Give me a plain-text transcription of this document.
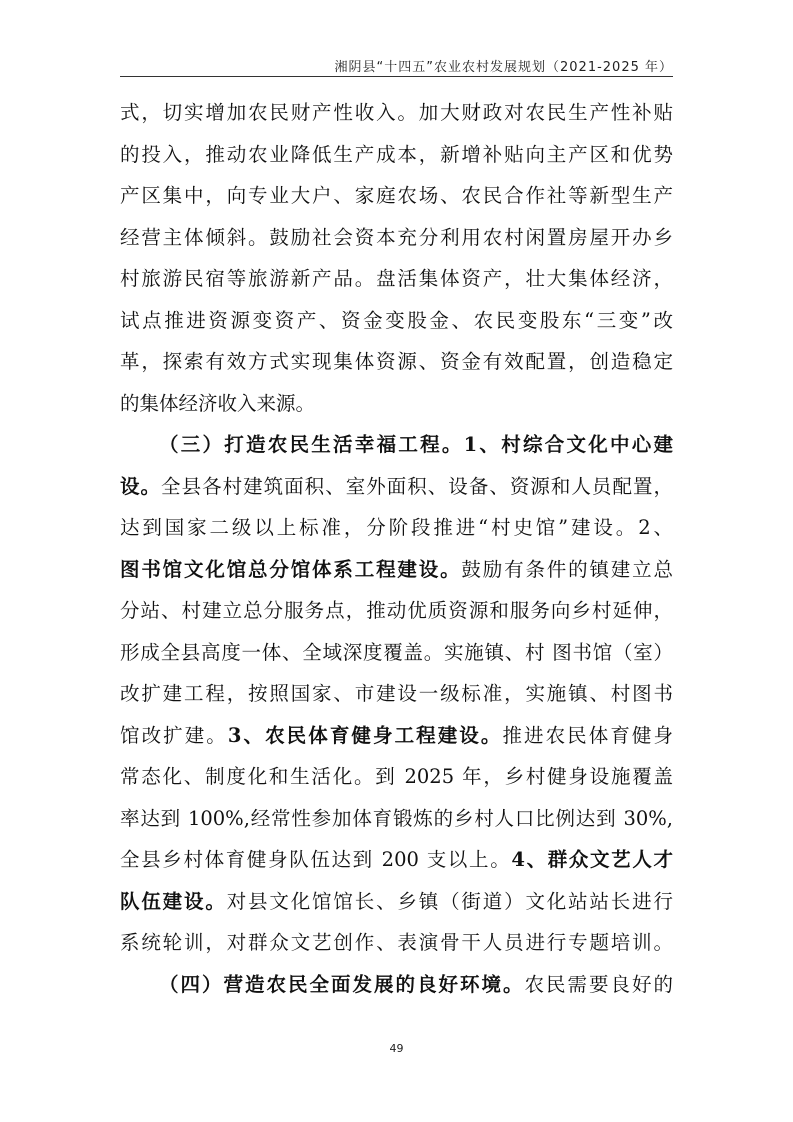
湘阴县“十四五”农业农村发展规划（2021-2025 年）
式，切实增加农民财产性收入。加大财政对农民生产性补贴
的投入，推动农业降低生产成本，新增补贴向主产区和优势
产区集中，向专业大户、家庭农场、农民合作社等新型生产
经营主体倾斜。鼓励社会资本充分利用农村闲置房屋开办乡
村旅游民宿等旅游新产品。盘活集体资产，壮大集体经济，
试点推进资源变资产、资金变股金、农民变股东“三变”改
革，探索有效方式实现集体资源、资金有效配置，创造稳定
的集体经济收入来源。
（三）打造农民生活幸福工程。1、村综合文化中心建
设。全县各村建筑面积、室外面积、设备、资源和人员配置，
达到国家二级以上标准，分阶段推进“村史馆”建设。2、
图书馆文化馆总分馆体系工程建设。鼓励有条件的镇建立总
分站、村建立总分服务点，推动优质资源和服务向乡村延伸，
形成全县高度一体、全域深度覆盖。实施镇、村 图书馆（室）
改扩建工程，按照国家、市建设一级标准，实施镇、村图书
馆改扩建。3、农民体育健身工程建设。推进农民体育健身
常态化、制度化和生活化。到 2025 年，乡村健身设施覆盖
率达到 100%,经常性参加体育锻炼的乡村人口比例达到 30%,
全县乡村体育健身队伍达到 200 支以上。4、群众文艺人才
队伍建设。对县文化馆馆长、乡镇（街道）文化站站长进行
系统轮训，对群众文艺创作、表演骨干人员进行专题培训。
（四）营造农民全面发展的良好环境。农民需要良好的
49
